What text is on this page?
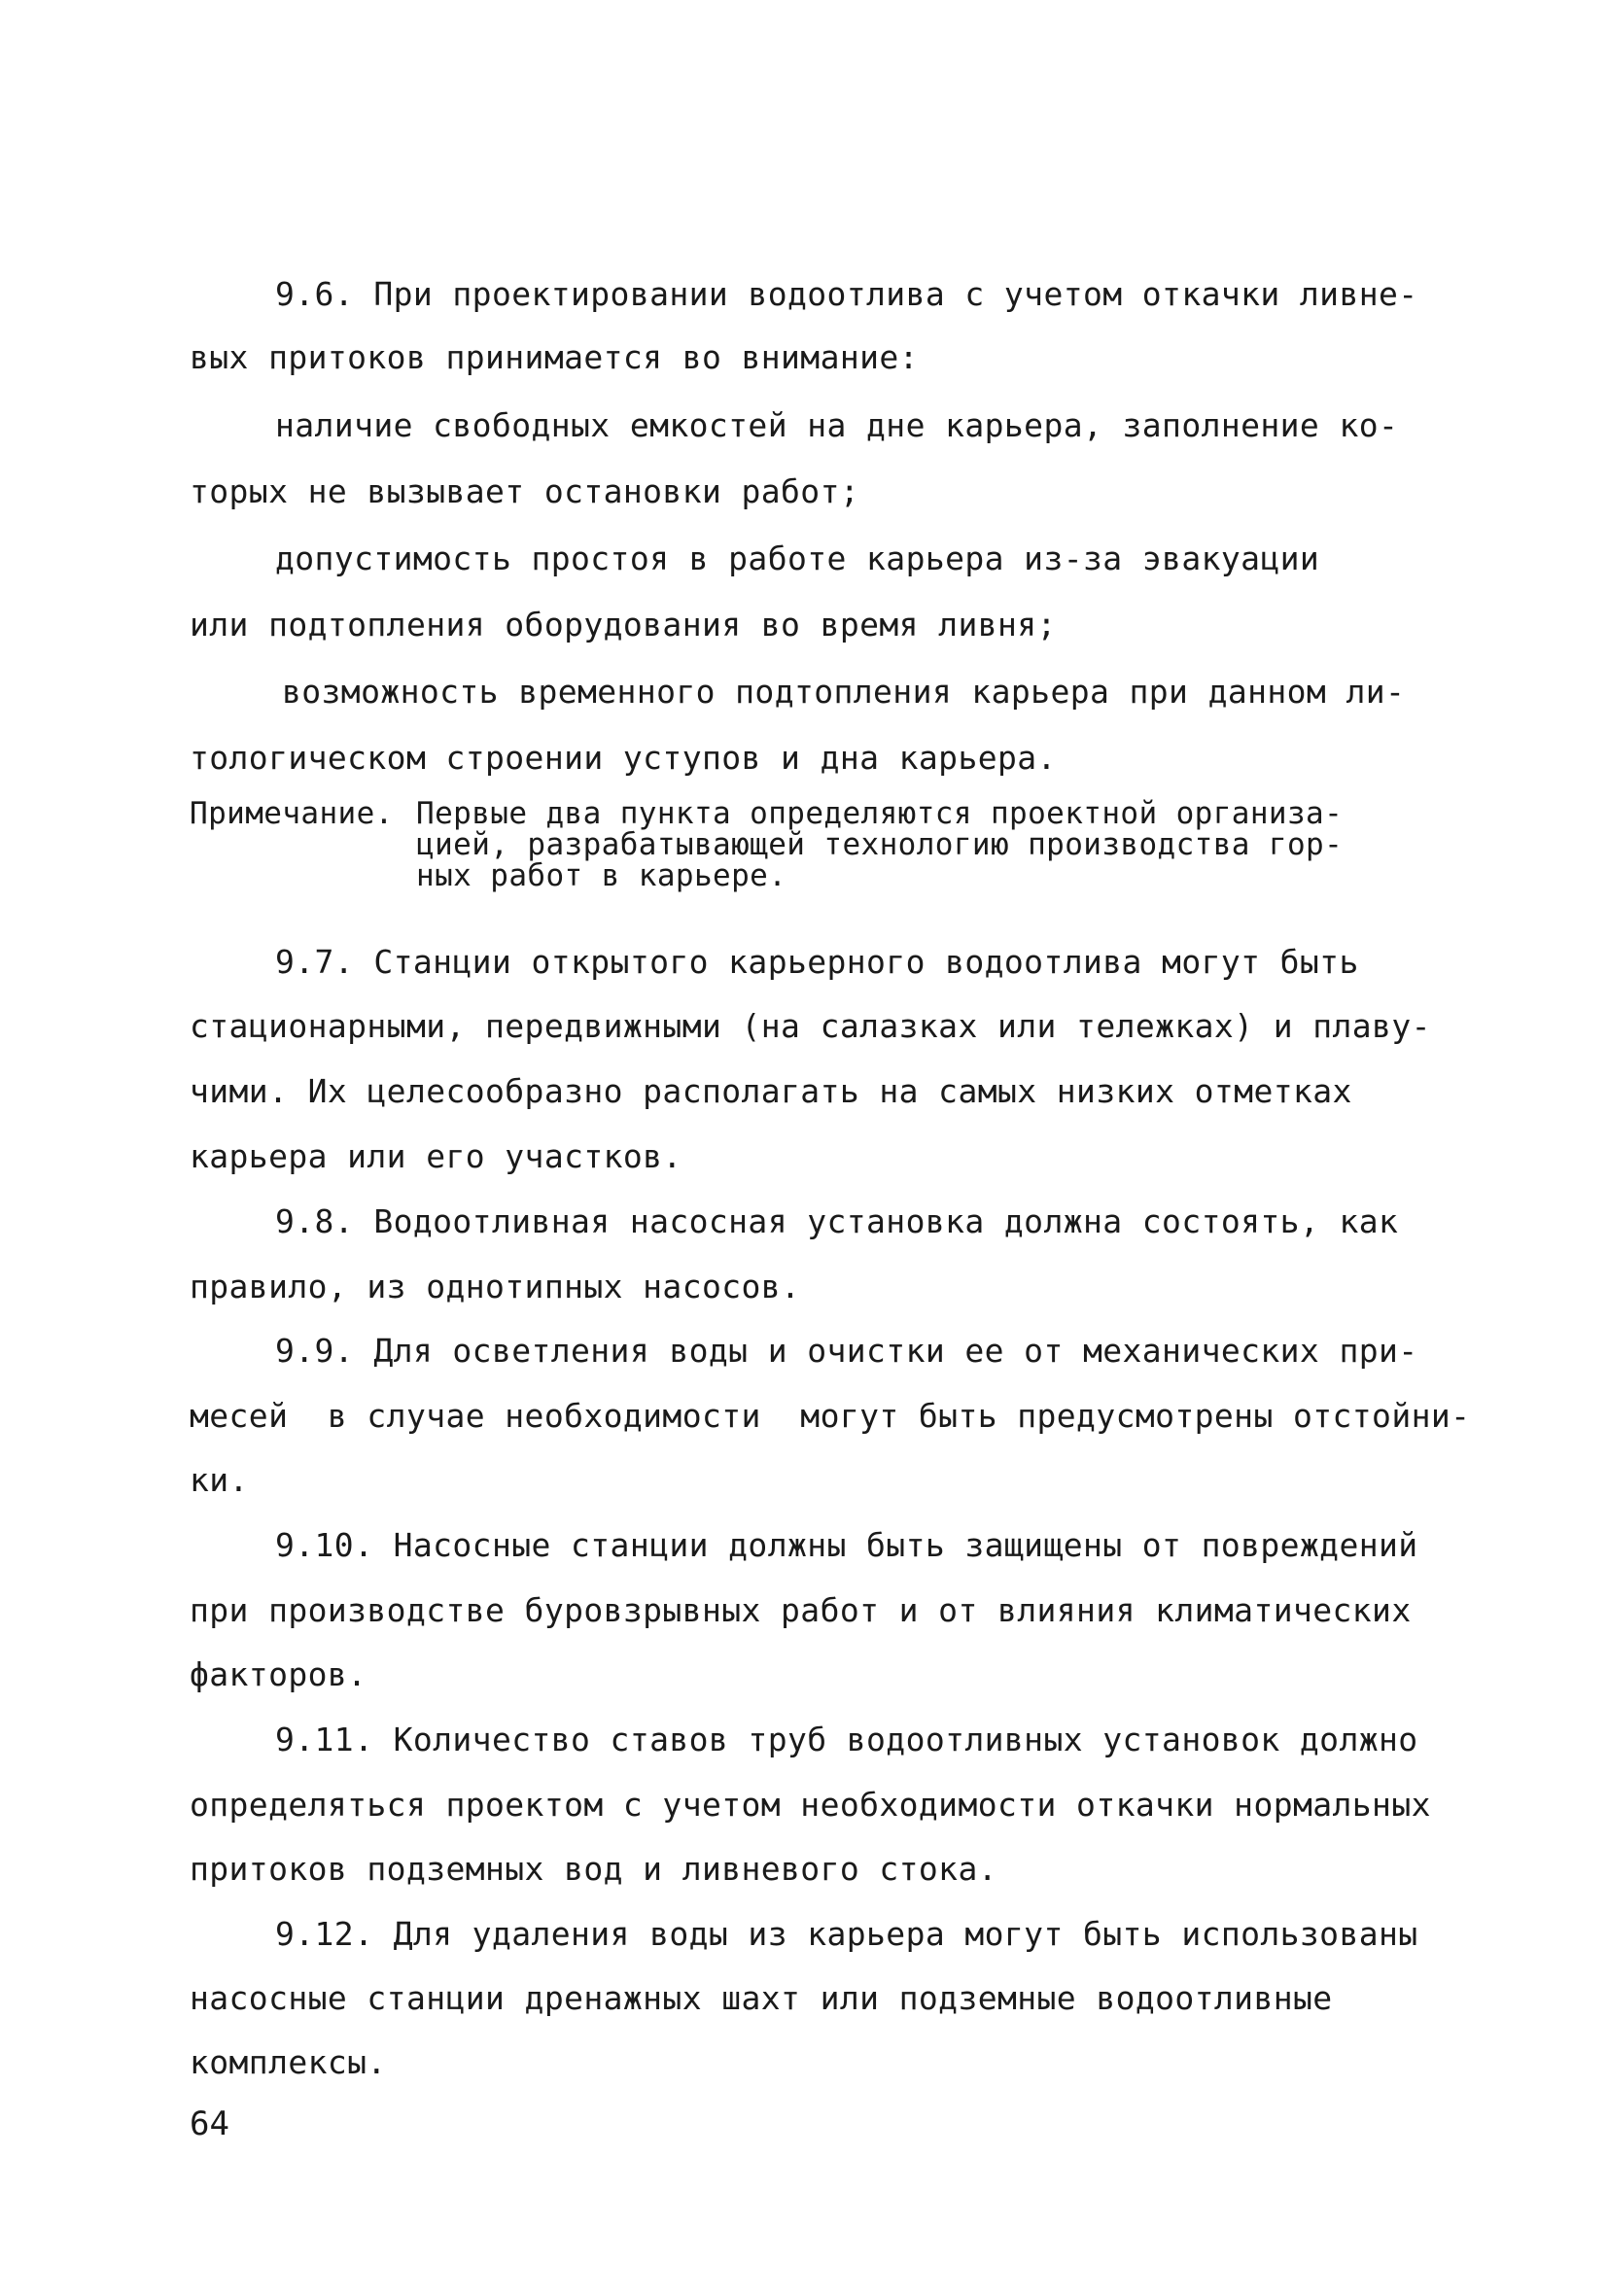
9.6. При проектировании водоотлива с учетом откачки ливне-
вых притоков принимается во внимание:
наличие свободных емкостей на дне карьера, заполнение ко-
торых не вызывает остановки работ;
допустимость простоя в работе карьера из-за эвакуации
или подтопления оборудования во время ливня;
возможность временного подтопления карьера при данном ли-
тологическом строении уступов и дна карьера.
Примечание. Первые два пункта определяются проектной организа-
цией, разрабатывающей технологию производства гор-
ных работ в карьере.
9.7. Станции открытого карьерного водоотлива могут быть
стационарными, передвижными (на салазках или тележках) и плаву-
чими. Их целесообразно располагать на самых низких отметках
карьера или его участков.
9.8. Водоотливная насосная установка должна состоять, как
правило, из однотипных насосов.
9.9. Для осветления воды и очистки ее от механических при-
месей  в случае необходимости  могут быть предусмотрены отстойни-
ки.
9.10. Насосные станции должны быть защищены от повреждений
при производстве буровзрывных работ и от влияния климатических
факторов.
9.11. Количество ставов труб водоотливных установок должно
определяться проектом с учетом необходимости откачки нормальных
притоков подземных вод и ливневого стока.
9.12. Для удаления воды из карьера могут быть использованы
насосные станции дренажных шахт или подземные водоотливные
комплексы.
64
